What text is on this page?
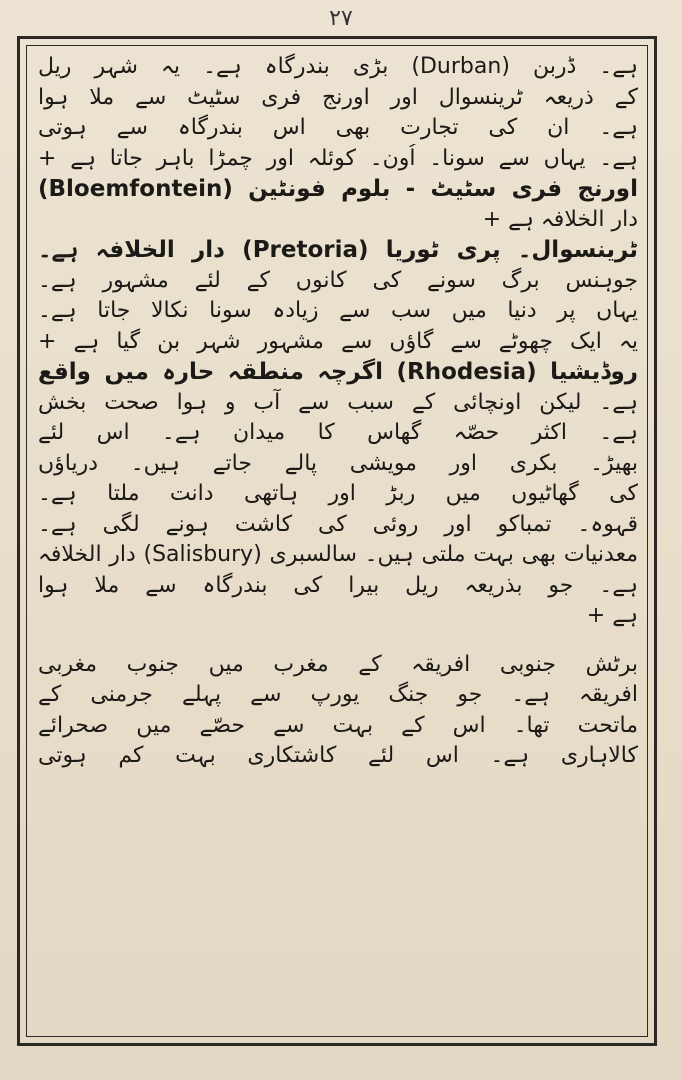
۲۷
ہے۔ ڈربن (Durban) بڑی بندرگاہ ہے۔ یہ شہر ریل
کے ذریعہ ٹرینسوال اور اورنج فری سٹیٹ سے ملا ہوا
ہے۔ ان کی تجارت بھی اس بندرگاہ سے ہوتی
ہے۔ یہاں سے سونا۔ اُون۔ کوئلہ اور چمڑا باہر جاتا ہے +
اورنج فری سٹیٹ - بلوم فونٹین (Bloemfontein)
دار الخلافہ ہے +
ٹرینسوال۔ پری ٹوریا (Pretoria) دار الخلافہ ہے۔
جوہنس برگ سونے کی کانوں کے لئے مشہور ہے۔
یہاں پر دنیا میں سب سے زیادہ سونا نکالا جاتا ہے۔
یہ ایک چھوٹے سے گاؤں سے مشہور شہر بن گیا ہے +
روڈیشیا (Rhodesia) اگرچہ منطقہ حارہ میں واقع
ہے۔ لیکن اونچائی کے سبب سے آب و ہوا صحت بخش
ہے۔ اکثر حصّہ گھاس کا میدان ہے۔ اس لئے
بھیڑ۔ بکری اور مویشی پالے جاتے ہیں۔ دریاؤں
کی گھاٹیوں میں ربڑ اور ہاتھی دانت ملتا ہے۔
قہوہ۔ تمباکو اور روئی کی کاشت ہونے لگی ہے۔
معدنیات بھی بہت ملتی ہیں۔ سالسبری (Salisbury) دار الخلافہ
ہے۔ جو بذریعہ ریل بیرا کی بندرگاہ سے ملا ہوا
ہے +
برٹش جنوبی افریقہ کے مغرب میں جنوب مغربی
افریقہ ہے۔ جو جنگ یورپ سے پہلے جرمنی کے
ماتحت تھا۔ اس کے بہت سے حصّے میں صحرائے
کالاہاری ہے۔ اس لئے کاشتکاری بہت کم ہوتی
